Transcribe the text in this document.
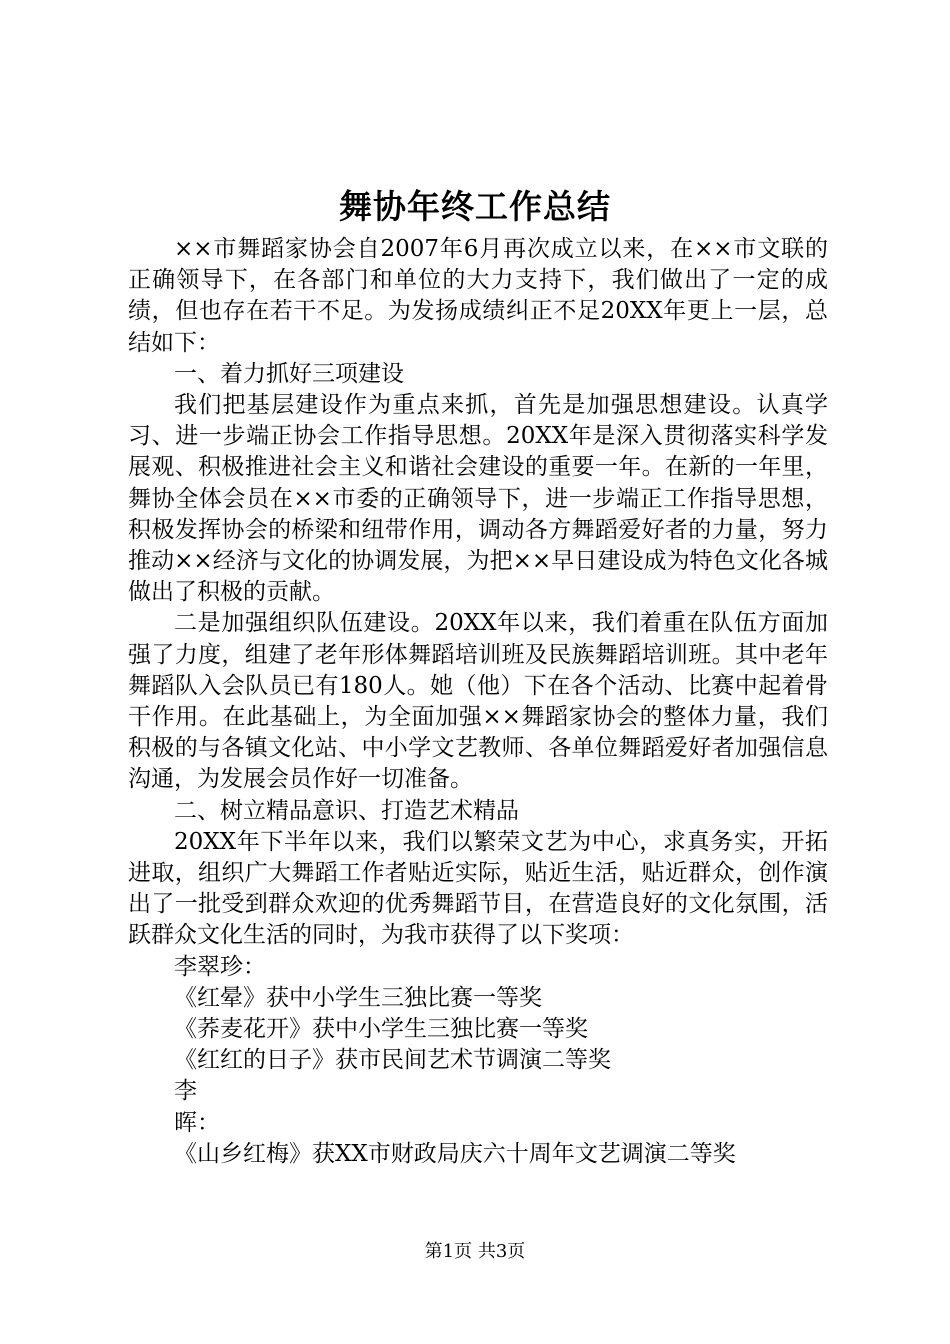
舞协年终工作总结

××市舞蹈家协会自2007年6月再次成立以来，在××市文联的正确领导下，在各部门和单位的大力支持下，我们做出了一定的成绩，但也存在若干不足。为发扬成绩纠正不足20XX年更上一层，总结如下：

一、着力抓好三项建设

我们把基层建设作为重点来抓，首先是加强思想建设。认真学习、进一步端正协会工作指导思想。20XX年是深入贯彻落实科学发展观、积极推进社会主义和谐社会建设的重要一年。在新的一年里，舞协全体会员在××市委的正确领导下，进一步端正工作指导思想，积极发挥协会的桥梁和纽带作用，调动各方舞蹈爱好者的力量，努力推动××经济与文化的协调发展，为把××早日建设成为特色文化各城做出了积极的贡献。

二是加强组织队伍建设。20XX年以来，我们着重在队伍方面加强了力度，组建了老年形体舞蹈培训班及民族舞蹈培训班。其中老年舞蹈队入会队员已有180人。她（他）下在各个活动、比赛中起着骨干作用。在此基础上，为全面加强××舞蹈家协会的整体力量，我们积极的与各镇文化站、中小学文艺教师、各单位舞蹈爱好者加强信息沟通，为发展会员作好一切准备。

二、树立精品意识、打造艺术精品

20XX年下半年以来，我们以繁荣文艺为中心，求真务实，开拓进取，组织广大舞蹈工作者贴近实际，贴近生活，贴近群众，创作演出了一批受到群众欢迎的优秀舞蹈节目，在营造良好的文化氛围，活跃群众文化生活的同时，为我市获得了以下奖项：

李翠珍：

《红晕》获中小学生三独比赛一等奖

《荞麦花开》获中小学生三独比赛一等奖

《红红的日子》获市民间艺术节调演二等奖

李

晖：

《山乡红梅》获XX市财政局庆六十周年文艺调演二等奖

第1页 共3页
